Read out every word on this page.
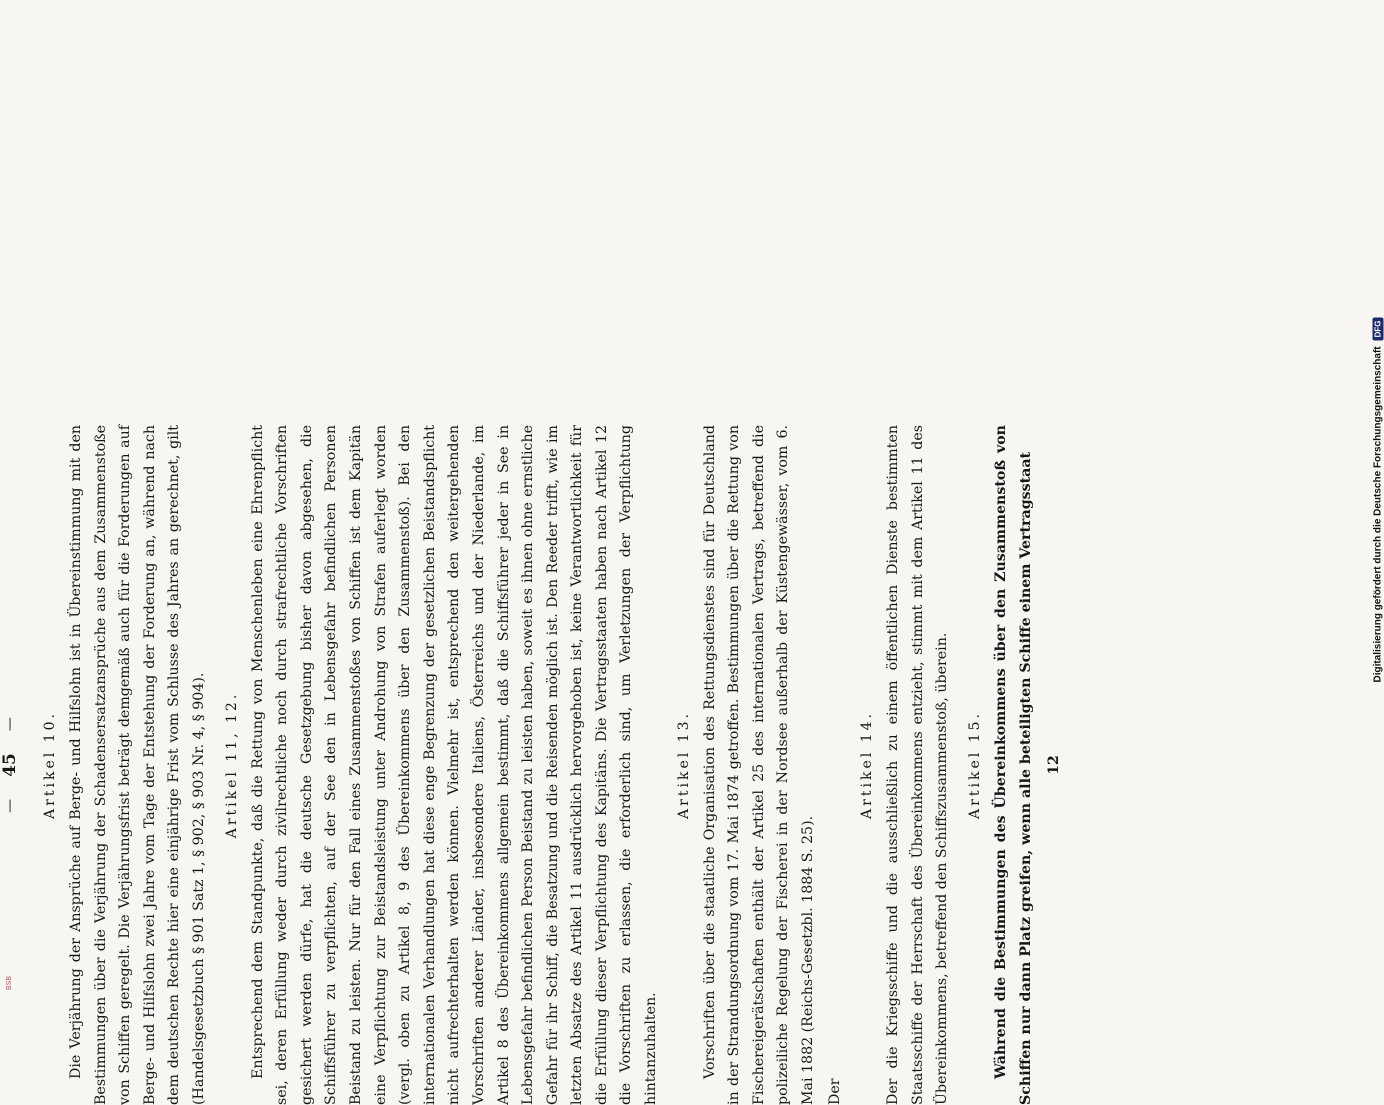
—
45
— Artikel 10. Die Verjährung der Ansprüche auf Berge- und Hilfslohn ist in Übereinstimmung mit den Bestimmungen über die Verjährung der Schadensersatzansprüche aus dem Zusammenstoße von Schiffen geregelt. Die Verjährungsfrist beträgt demgemäß auch für die Forderungen auf Berge- und Hilfslohn zwei Jahre vom Tage der Entstehung der Forderung an, während nach dem deutschen Rechte hier eine einjährige Frist vom Schlusse des Jahres an gerechnet, gilt (Handelsgesetzbuch § 901 Satz 1, § 902, § 903 Nr. 4, § 904).	Artikel 11, 12. Entsprechend dem Standpunkte, daß die Rettung von Menschenleben eine Ehrenpflicht sei, deren Erfüllung weder durch zivilrechtliche noch durch strafrechtliche Vorschriften gesichert werden dürfe, hat die deutsche Gesetzgebung bisher davon abgesehen, die Schiffsführer zu verpflichten, auf der See den in Lebensgefahr befindlichen Personen Beistand zu leisten. Nur für den Fall eines Zusammenstoßes von Schiffen ist dem Kapitän eine Verpflichtung zur Beistandsleistung unter Androhung von Strafen auferlegt worden (vergl. oben zu Artikel 8, 9 des Übereinkommens über den Zusammenstoß). Bei den internationalen Verhandlungen hat diese enge Begrenzung der gesetzlichen Beistandspflicht nicht aufrechterhalten werden können. Vielmehr ist, entsprechend den weitergehenden Vorschriften anderer Länder, insbesondere Italiens, Österreichs und der Niederlande, im Artikel 8 des Übereinkommens allgemein bestimmt, daß die Schiffsführer jeder in See in Lebensgefahr befindlichen Person Beistand zu leisten haben, soweit es ihnen ohne ernstliche Gefahr für ihr Schiff, die Besatzung und die Reisenden möglich ist. Den Reeder trifft, wie im letzten Absatze des Artikel 11 ausdrücklich hervorgehoben ist, keine Verantwortlichkeit für die Erfüllung dieser Verpflichtung des Kapitäns. Die Vertragsstaaten haben nach Artikel 12 die Vorschriften zu erlassen, die erforderlich sind, um Verletzungen der Verpflichtung hintanzuhalten.

Artikel 13. Vorschriften über die staatliche Organisation des Rettungsdienstes sind für Deutschland in der Strandungsordnung vom 17. Mai 1874 getroffen. Bestimmungen über die Rettung von Fischereigerätschaften enthält der Artikel 25 des internationalen Vertrags, betreffend die polizeiliche Regelung der Fischerei in der Nordsee außerhalb der Küstengewässer, vom 6. Mai 1882 (Reichs-Gesetzbl. 1884 S. 25). Der

Artikel 14. Der die Kriegsschiffe und die ausschließlich zu einem öffentlichen Dienste bestimmten Staatsschiffe der Herrschaft des Übereinkommens entzieht, stimmt mit dem Artikel 11 des Übereinkommens, betreffend den Schiffszusammenstoß, überein.	Artikel 15. Während die Bestimmungen des Übereinkommens über den Zusammenstoß von Schiffen nur dann Platz greifen, wenn alle beteiligten Schiffe einem Vertragsstaat 12
Digitalisierung gefördert durch die Deutsche Forschungsgemeinschaft
DFG
BSB
